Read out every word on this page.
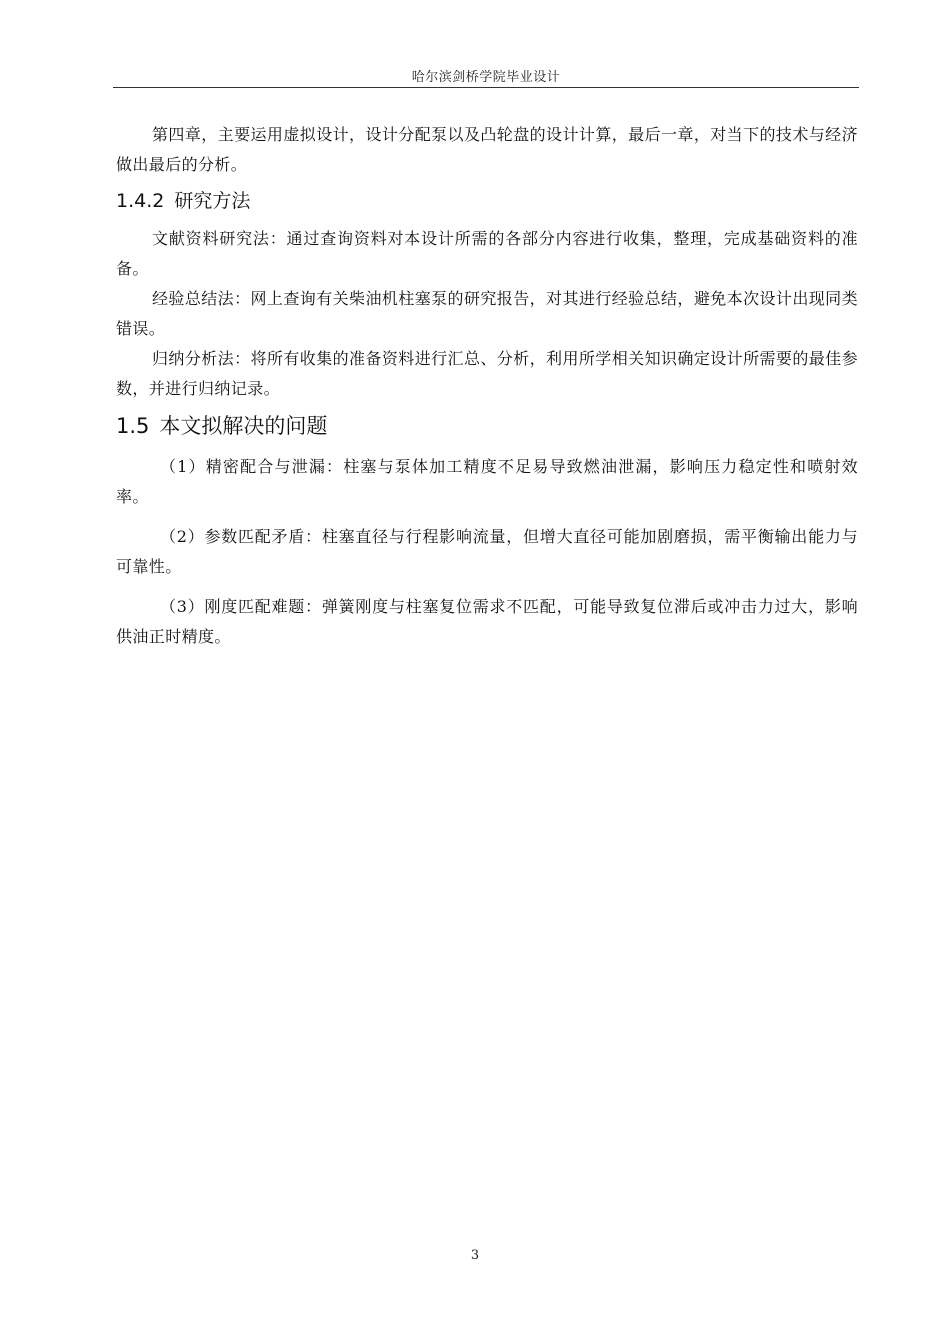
哈尔滨剑桥学院毕业设计

第四章，主要运用虚拟设计，设计分配泵以及凸轮盘的设计计算，最后一章，对当下的技术与经济做出最后的分析。

1.4.2 研究方法

文献资料研究法：通过查询资料对本设计所需的各部分内容进行收集，整理，完成基础资料的准备。

经验总结法：网上查询有关柴油机柱塞泵的研究报告，对其进行经验总结，避免本次设计出现同类错误。

归纳分析法：将所有收集的准备资料进行汇总、分析，利用所学相关知识确定设计所需要的最佳参数，并进行归纳记录。

1.5 本文拟解决的问题

（1）精密配合与泄漏：柱塞与泵体加工精度不足易导致燃油泄漏，影响压力稳定性和喷射效率。

（2）参数匹配矛盾：柱塞直径与行程影响流量，但增大直径可能加剧磨损，需平衡输出能力与可靠性。

（3）刚度匹配难题：弹簧刚度与柱塞复位需求不匹配，可能导致复位滞后或冲击力过大，影响供油正时精度。

3
